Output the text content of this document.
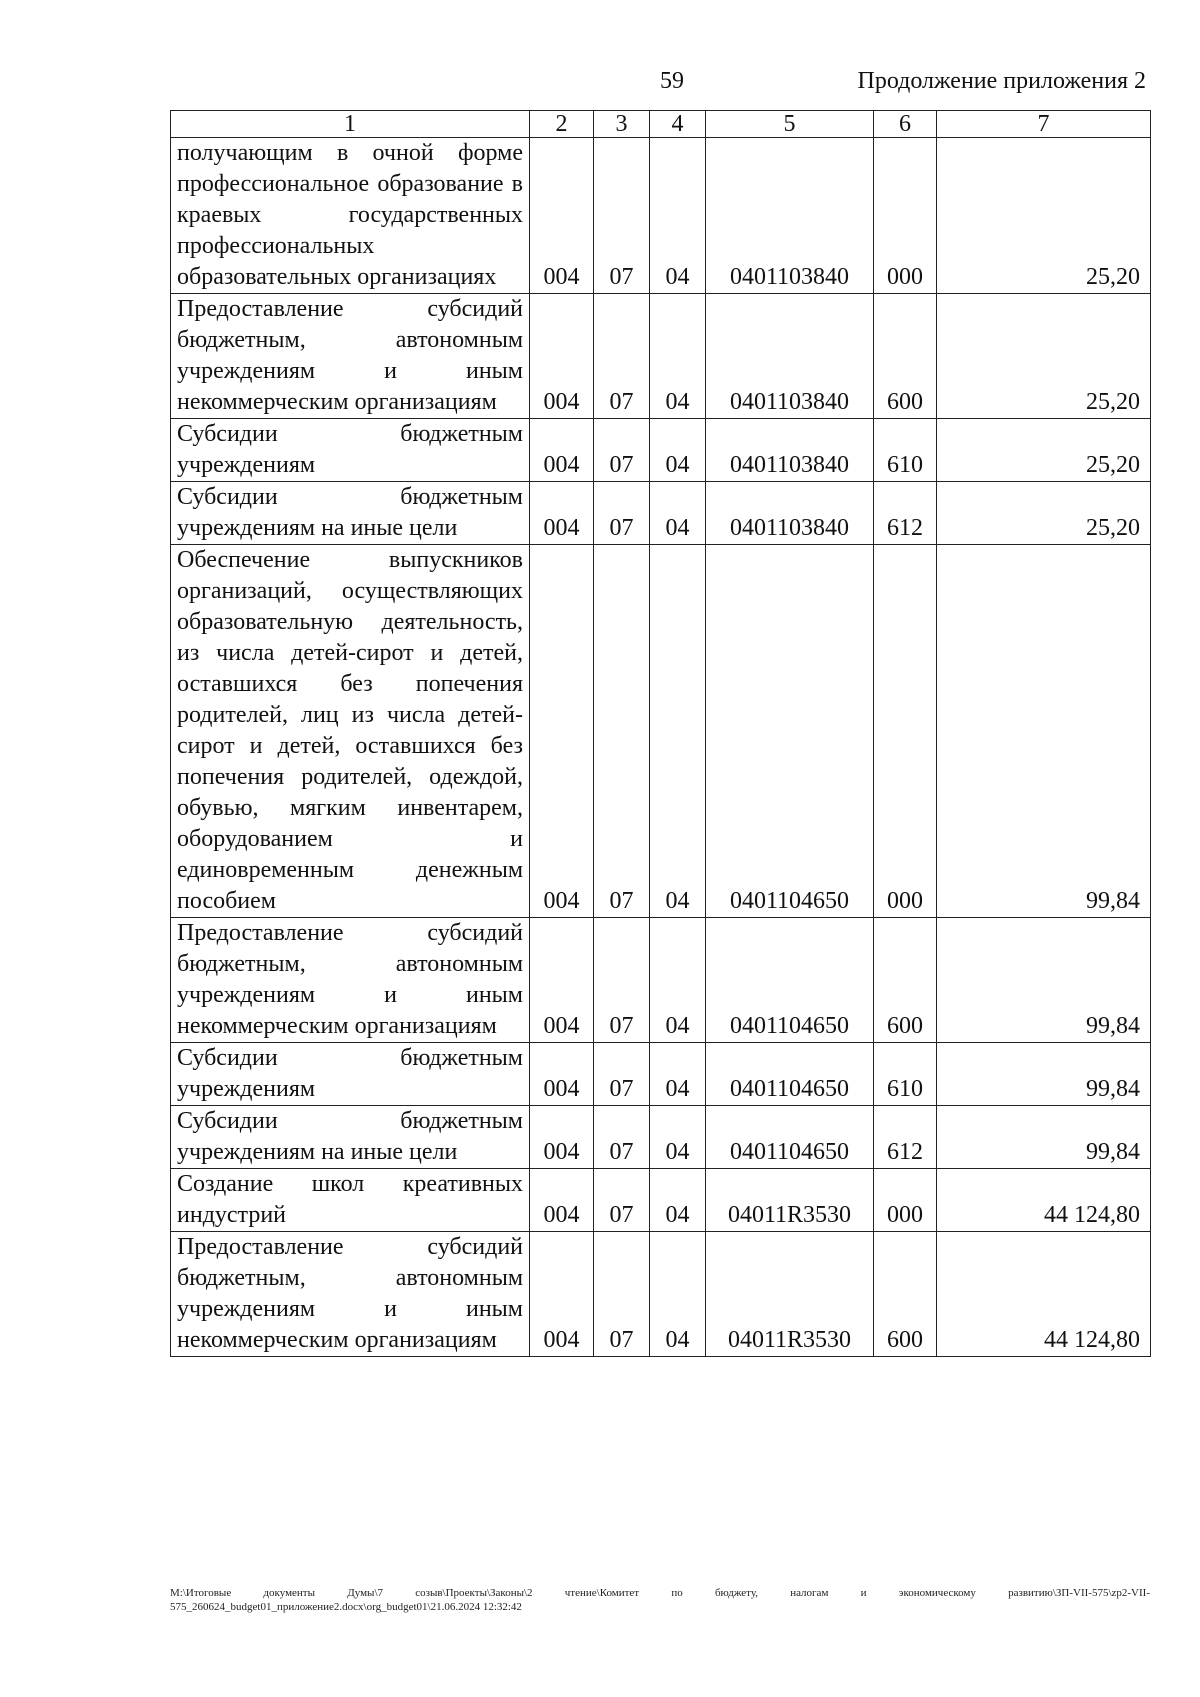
59	Продолжение приложения 2
1	2	3	4	5	6	7
получающим в очной форме профессиональное образование в краевых государственных профессиональных образовательных организациях	004	07	04	0401103840	000	25,20
Предоставление субсидий бюджетным, автономным учреждениям и иным некоммерческим организациям	004	07	04	0401103840	600	25,20
Субсидии бюджетным учреждениям	004	07	04	0401103840	610	25,20
Субсидии бюджетным учреждениям на иные цели	004	07	04	0401103840	612	25,20
Обеспечение выпускников организаций, осуществляющих образовательную деятельность, из числа детей-сирот и детей, оставшихся без попечения родителей, лиц из числа детей-сирот и детей, оставшихся без попечения родителей, одеждой, обувью, мягким инвентарем, оборудованием и единовременным денежным пособием	004	07	04	0401104650	000	99,84
Предоставление субсидий бюджетным, автономным учреждениям и иным некоммерческим организациям	004	07	04	0401104650	600	99,84
Субсидии бюджетным учреждениям	004	07	04	0401104650	610	99,84
Субсидии бюджетным учреждениям на иные цели	004	07	04	0401104650	612	99,84
Создание школ креативных индустрий	004	07	04	04011R3530	000	44 124,80
Предоставление субсидий бюджетным, автономным учреждениям и иным некоммерческим организациям	004	07	04	04011R3530	600	44 124,80
М:\Итоговые документы Думы\7 созыв\Проекты\Законы\2 чтение\Комитет по бюджету, налогам и экономическому развитию\ЗП-VII-575\zp2-VII-575_260624_budget01_приложение2.docx\org_budget01\21.06.2024 12:32:42
